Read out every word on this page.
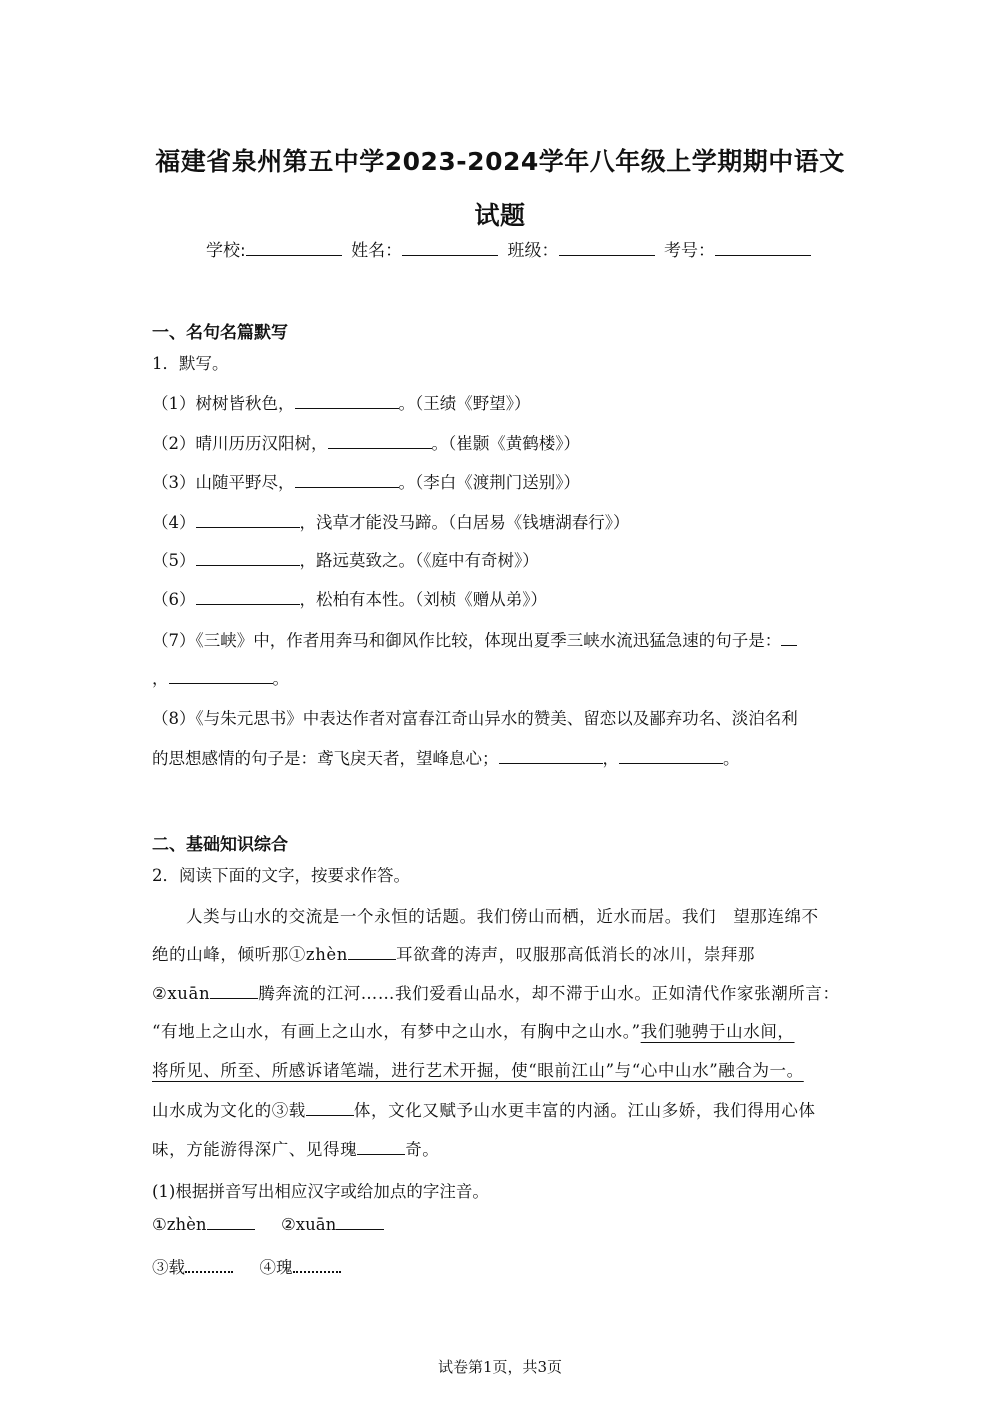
福建省泉州第五中学2023-2024学年八年级上学期期中语文
试题
学校:	姓名：	班级：	考号：
一、名句名篇默写
1．默写。
（1）树树皆秋色，	。（王绩《野望》）
（2）晴川历历汉阳树，	。（崔颢《黄鹤楼》）
（3）山随平野尽，	。（李白《渡荆门送别》）
（4）	，浅草才能没马蹄。（白居易《钱塘湖春行》）
（5）	，路远莫致之。（《庭中有奇树》）
（6）	，松柏有本性。（刘桢《赠从弟》）
（7）《三峡》中，作者用奔马和御风作比较，体现出夏季三峡水流迅猛急速的句子是：
，	。
（8）《与朱元思书》中表达作者对富春江奇山异水的赞美、留恋以及鄙弃功名、淡泊名利
的思想感情的句子是：鸢飞戾天者，望峰息心；	，	。
二、基础知识综合
2．阅读下面的文字，按要求作答。
人类与山水的交流是一个永恒的话题。我们傍山而栖，近水而居。我们　望那连绵不
绝的山峰，倾听那①zhèn	耳欲聋的涛声，叹服那高低消长的冰川，崇拜那
②xuān	腾奔流的江河……我们爱看山品水，却不滞于山水。正如清代作家张潮所言：
“有地上之山水，有画上之山水，有梦中之山水，有胸中之山水。”我们驰骋于山水间，
将所见、所至、所感诉诸笔端，进行艺术开掘，使“眼前江山”与“心中山水”融合为一。
山水成为文化的③载	体，文化又赋予山水更丰富的内涵。江山多娇，我们得用心体
味，方能游得深广、见得瑰	奇。
(1)根据拼音写出相应汉字或给加点的字注音。
①zhèn	②xuān
③载	④瑰
试卷第1页，共3页
